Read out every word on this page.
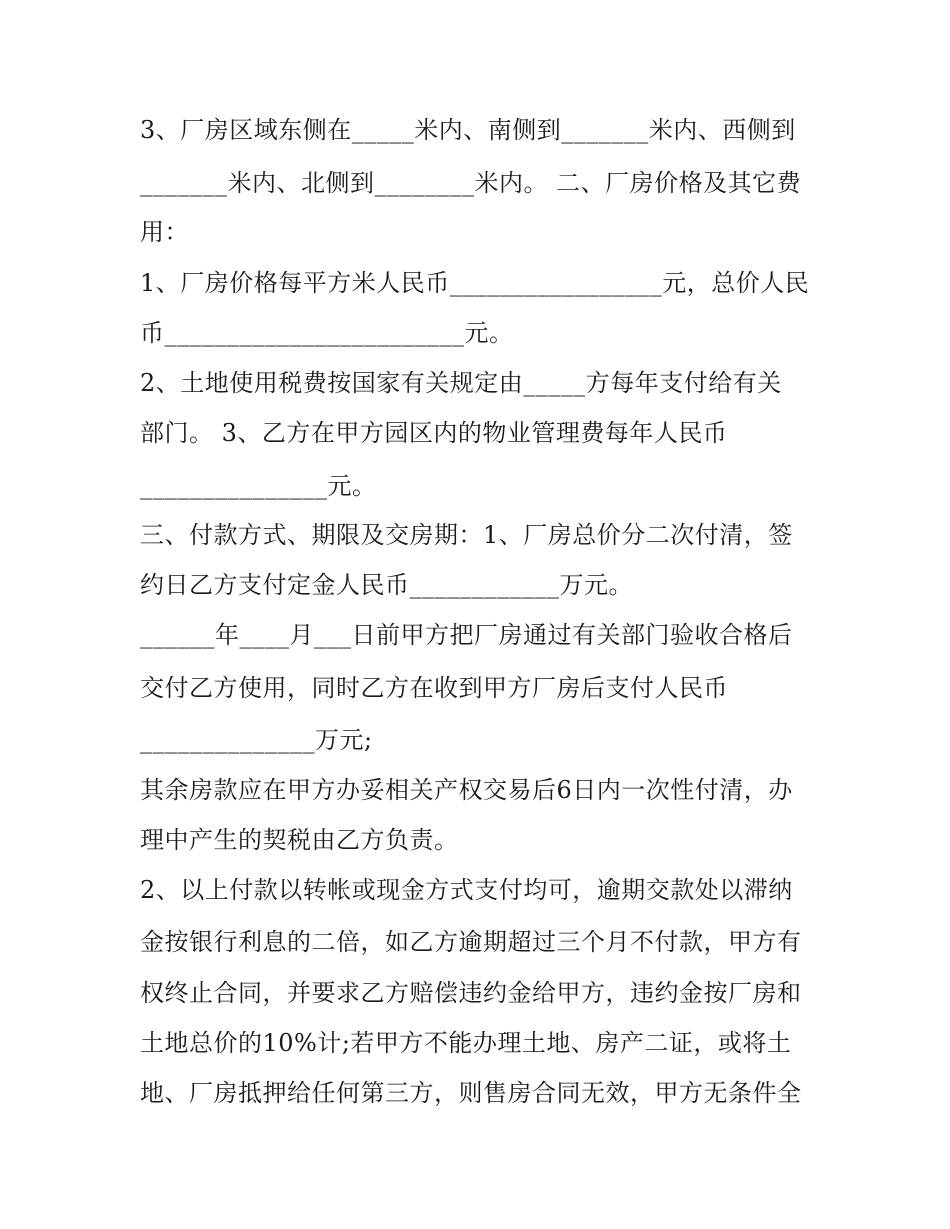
3、厂房区域东侧在_____米内、南侧到_______米内、西侧到
_______米内、北侧到________米内。 二、厂房价格及其它费
用：
1、厂房价格每平方米人民币_________________元，总价人民
币________________________元。
2、土地使用税费按国家有关规定由_____方每年支付给有关
部门。 3、乙方在甲方园区内的物业管理费每年人民币
_______________元。
三、付款方式、期限及交房期：1、厂房总价分二次付清，签
约日乙方支付定金人民币____________万元。
______年____月___日前甲方把厂房通过有关部门验收合格后
交付乙方使用，同时乙方在收到甲方厂房后支付人民币
______________万元;
其余房款应在甲方办妥相关产权交易后6日内一次性付清，办
理中产生的契税由乙方负责。
2、以上付款以转帐或现金方式支付均可，逾期交款处以滞纳
金按银行利息的二倍，如乙方逾期超过三个月不付款，甲方有
权终止合同，并要求乙方赔偿违约金给甲方，违约金按厂房和
土地总价的10%计;若甲方不能办理土地、房产二证，或将土
地、厂房抵押给任何第三方，则售房合同无效，甲方无条件全
